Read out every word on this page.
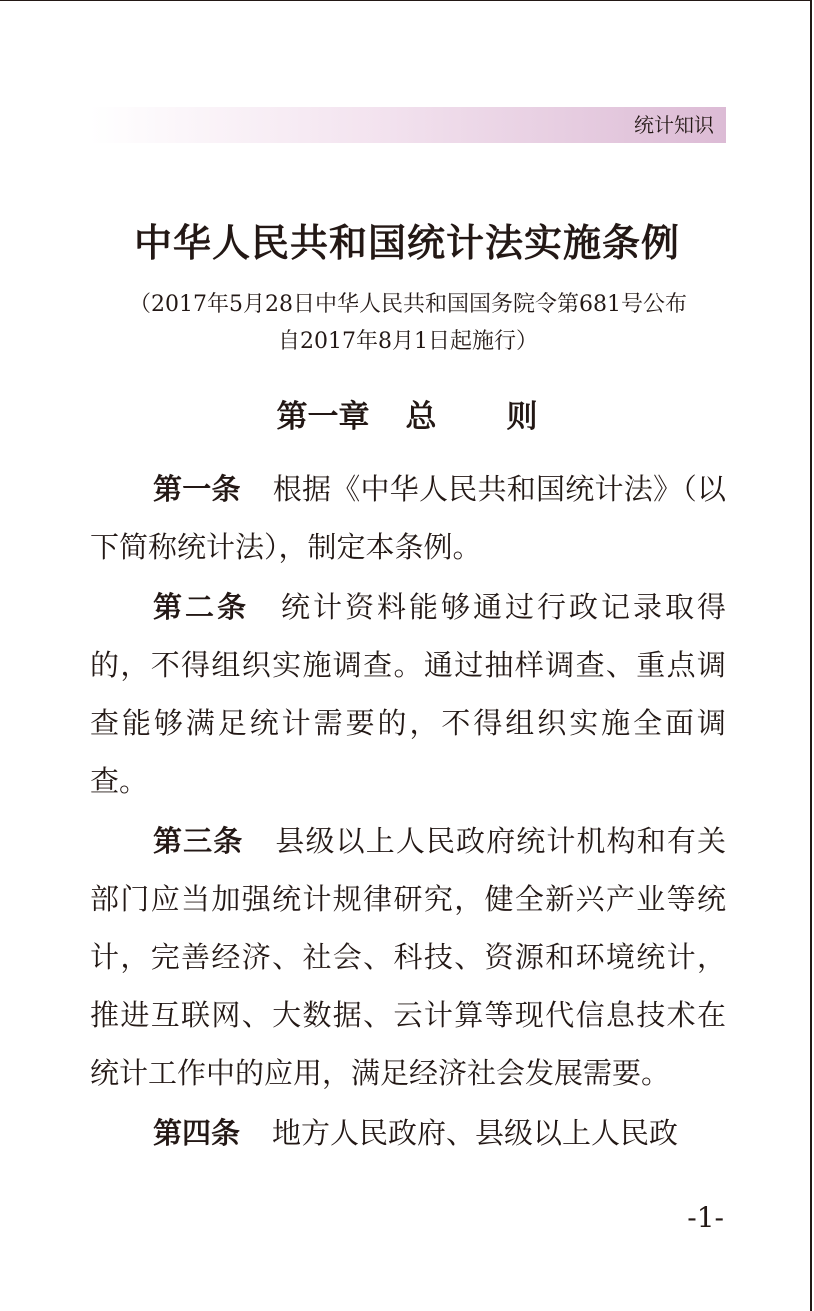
统计知识
中华人民共和国统计法实施条例
（2017年5月28日中华人民共和国国务院令第681号公布
自2017年8月1日起施行）
第一章 总 则

第一条 根据《中华人民共和国统计法》（以下简称统计法），制定本条例。

第二条 统计资料能够通过行政记录取得的，不得组织实施调查。通过抽样调查、重点调查能够满足统计需要的，不得组织实施全面调查。

第三条 县级以上人民政府统计机构和有关部门应当加强统计规律研究，健全新兴产业等统计，完善经济、社会、科技、资源和环境统计，推进互联网、大数据、云计算等现代信息技术在统计工作中的应用，满足经济社会发展需要。

第四条 地方人民政府、县级以上人民政

-1-
